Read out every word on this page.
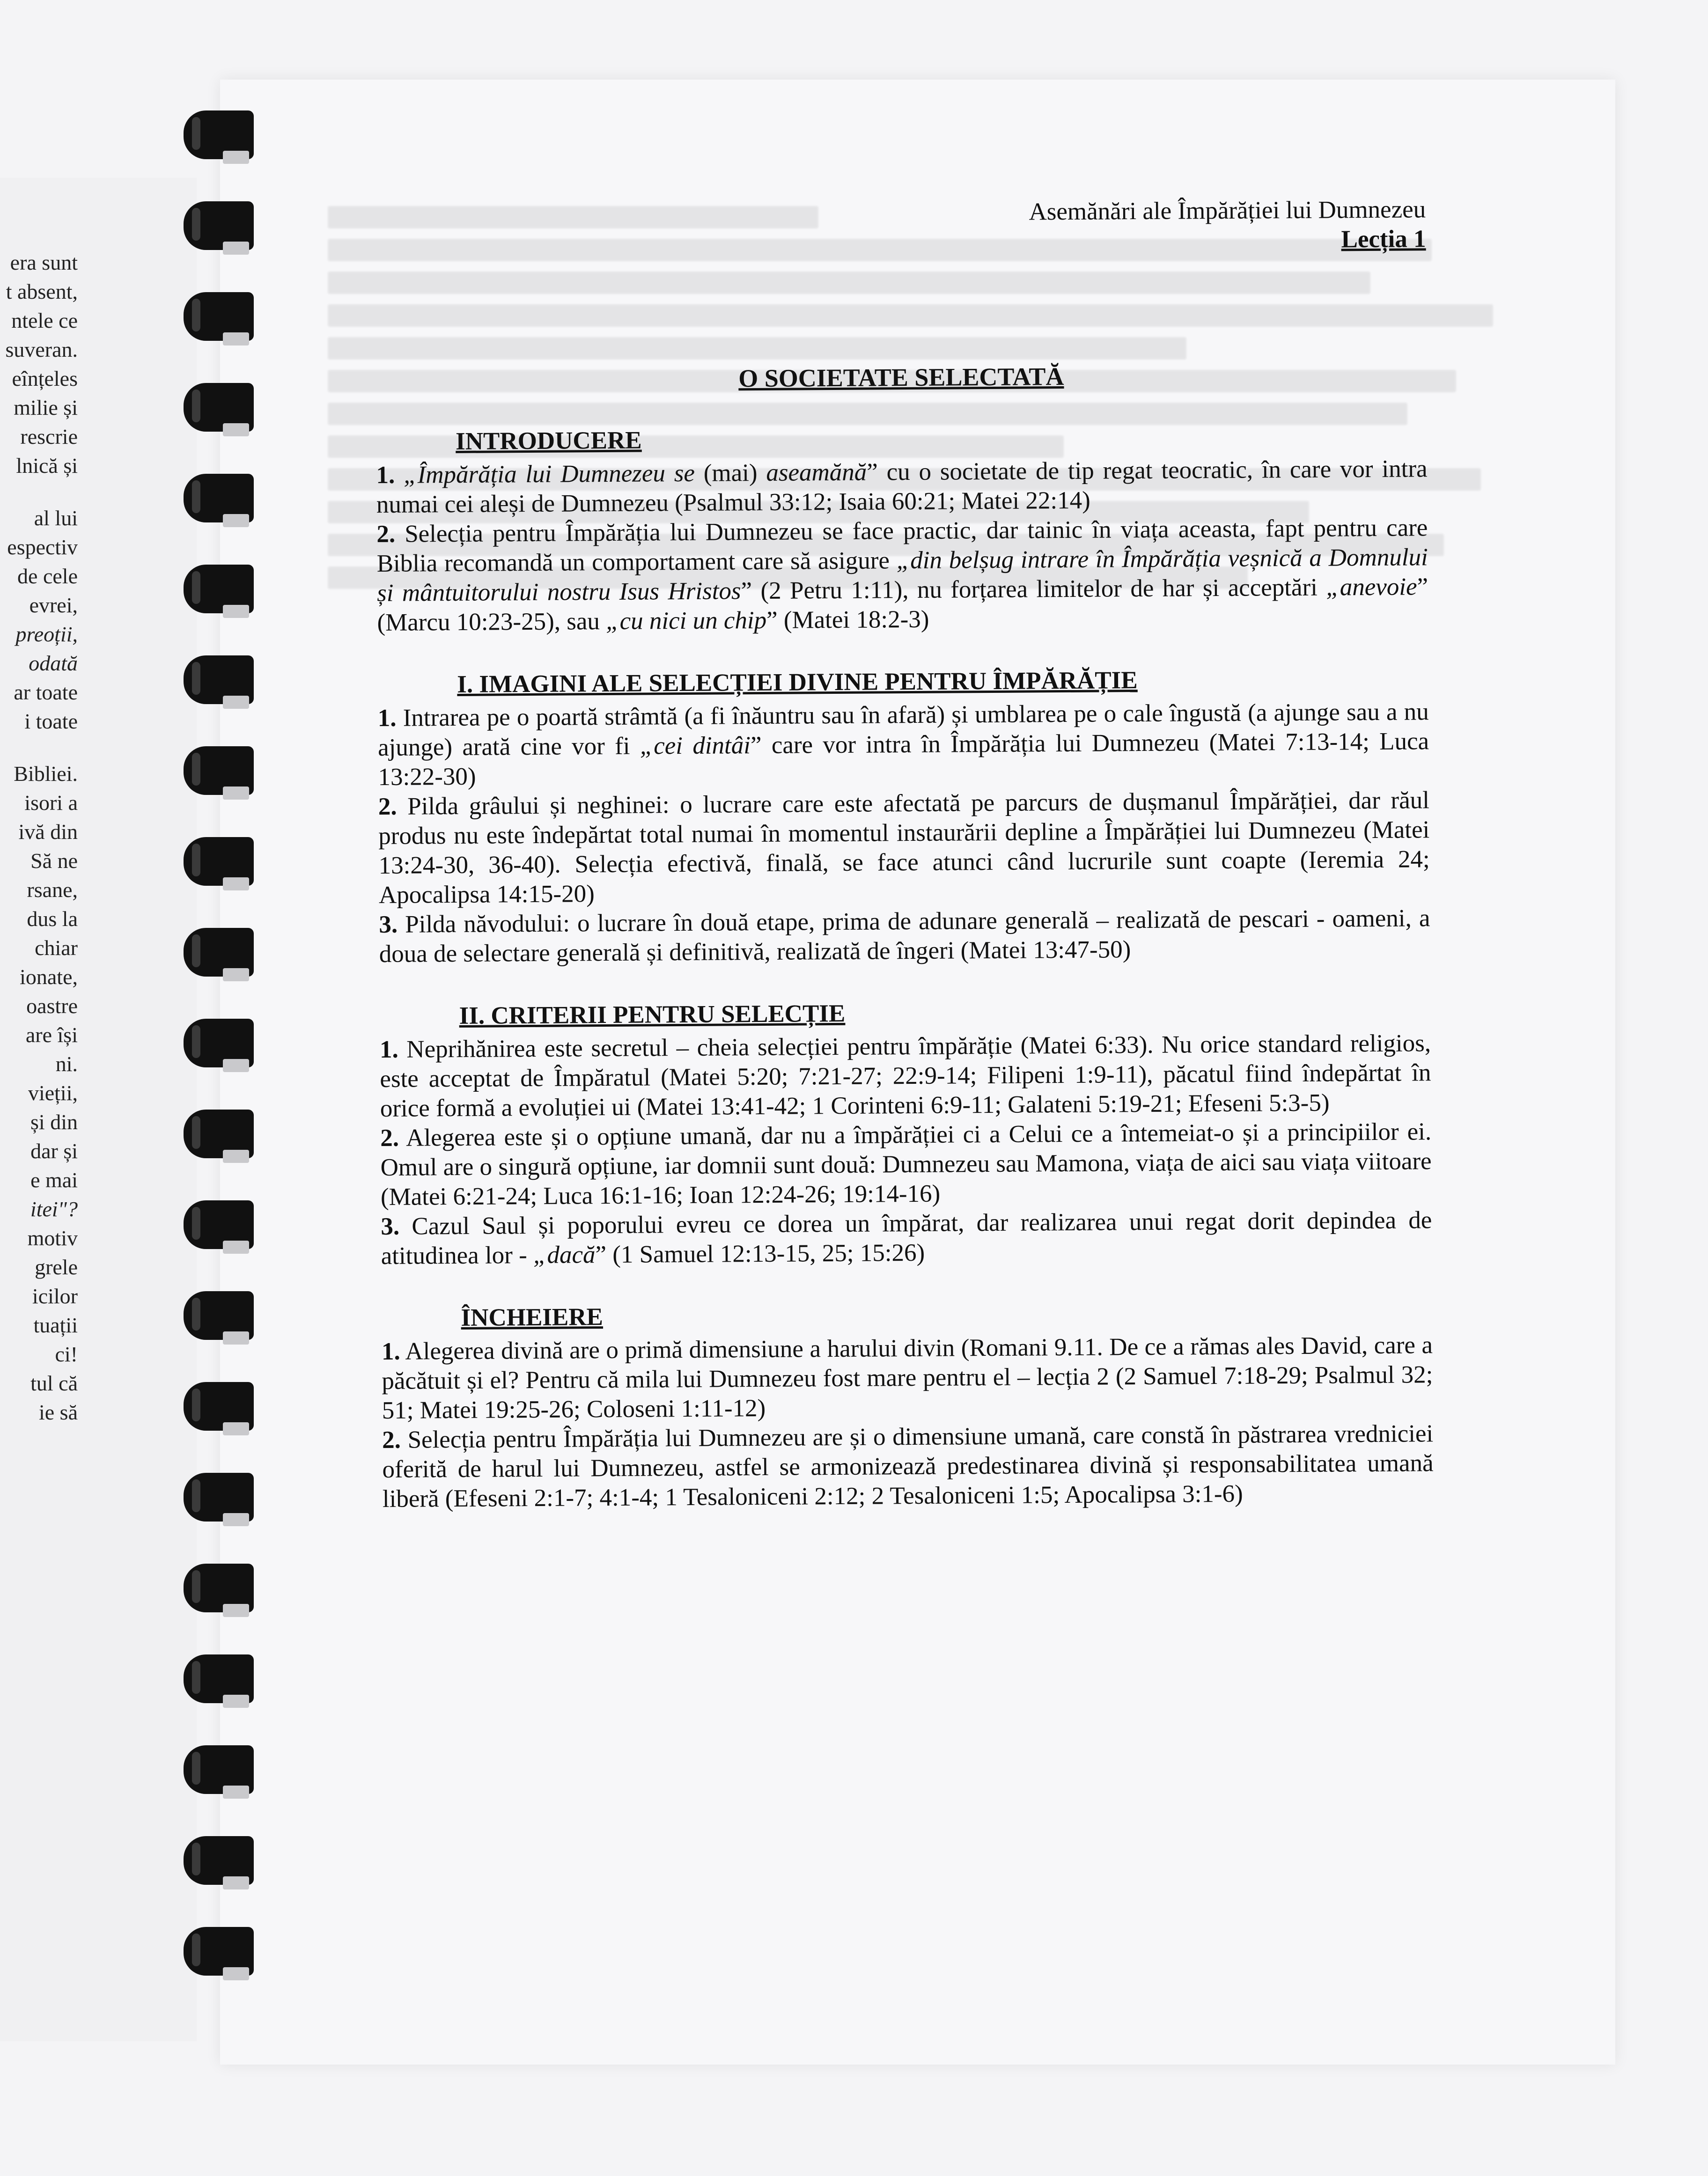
era sunt
t absent,
ntele ce
suveran.
eînțeles
milie și
rescrie
lnică și
al lui
espectiv
de cele
evrei,
preoții,
odată
ar toate
i toate
Bibliei.
isori a
ivă din
Să ne
rsane,
dus la
chiar
ionate,
oastre
are își
ni.
vieții,
și din
dar și
e mai
itei"?
motiv
grele
icilor
tuații
ci!
tul că
ie să
Asemănări ale Împărăției lui Dumnezeu
Lecția 1
O SOCIETATE SELECTATĂ
INTRODUCERE

1. „Împărăția lui Dumnezeu se (mai) aseamănă” cu o societate de tip regat teocratic, în care vor intra numai cei aleși de Dumnezeu (Psalmul 33:12; Isaia 60:21; Matei 22:14)

2. Selecția pentru Împărăția lui Dumnezeu se face practic, dar tainic în viața aceasta, fapt pentru care Biblia recomandă un comportament care să asigure „din belșug intrare în Împărăția veșnică a Domnului și mântuitorului nostru Isus Hristos” (2 Petru 1:11), nu forțarea limitelor de har și acceptări „anevoie” (Marcu 10:23-25), sau „cu nici un chip” (Matei 18:2-3)

I. IMAGINI ALE SELECȚIEI DIVINE PENTRU ÎMPĂRĂȚIE

1. Intrarea pe o poartă strâmtă (a fi înăuntru sau în afară) și umblarea pe o cale îngustă (a ajunge sau a nu ajunge) arată cine vor fi „cei dintâi” care vor intra în Împărăția lui Dumnezeu (Matei 7:13-14; Luca 13:22-30)

2. Pilda grâului și neghinei: o lucrare care este afectată pe parcurs de dușmanul Împărăției, dar răul produs nu este îndepărtat total numai în momentul instaurării depline a Împărăției lui Dumnezeu (Matei 13:24-30, 36-40). Selecția efectivă, finală, se face atunci când lucrurile sunt coapte (Ieremia 24; Apocalipsa 14:15-20)

3. Pilda năvodului: o lucrare în două etape, prima de adunare generală – realizată de pescari - oameni, a doua de selectare generală și definitivă, realizată de îngeri (Matei 13:47-50)

II. CRITERII PENTRU SELECȚIE

1. Neprihănirea este secretul – cheia selecției pentru împărăție (Matei 6:33). Nu orice standard religios, este acceptat de Împăratul (Matei 5:20; 7:21-27; 22:9-14; Filipeni 1:9-11), păcatul fiind îndepărtat în orice formă a evoluției ui (Matei 13:41-42; 1 Corinteni 6:9-11; Galateni 5:19-21; Efeseni 5:3-5)

2. Alegerea este și o opțiune umană, dar nu a împărăției ci a Celui ce a întemeiat-o și a principiilor ei. Omul are o singură opțiune, iar domnii sunt două: Dumnezeu sau Mamona, viața de aici sau viața viitoare (Matei 6:21-24; Luca 16:1-16; Ioan 12:24-26; 19:14-16)

3. Cazul Saul și poporului evreu ce dorea un împărat, dar realizarea unui regat dorit depindea de atitudinea lor - „dacă” (1 Samuel 12:13-15, 25; 15:26)

ÎNCHEIERE

1. Alegerea divină are o primă dimensiune a harului divin (Romani 9.11. De ce a rămas ales David, care a păcătuit și el? Pentru că mila lui Dumnezeu fost mare pentru el – lecția 2 (2 Samuel 7:18-29; Psalmul 32; 51; Matei 19:25-26; Coloseni 1:11-12)

2. Selecția pentru Împărăția lui Dumnezeu are și o dimensiune umană, care constă în păstrarea vredniciei oferită de harul lui Dumnezeu, astfel se armonizează predestinarea divină și responsabilitatea umană liberă (Efeseni 2:1-7; 4:1-4; 1 Tesaloniceni 2:12; 2 Tesaloniceni 1:5; Apocalipsa 3:1-6)
